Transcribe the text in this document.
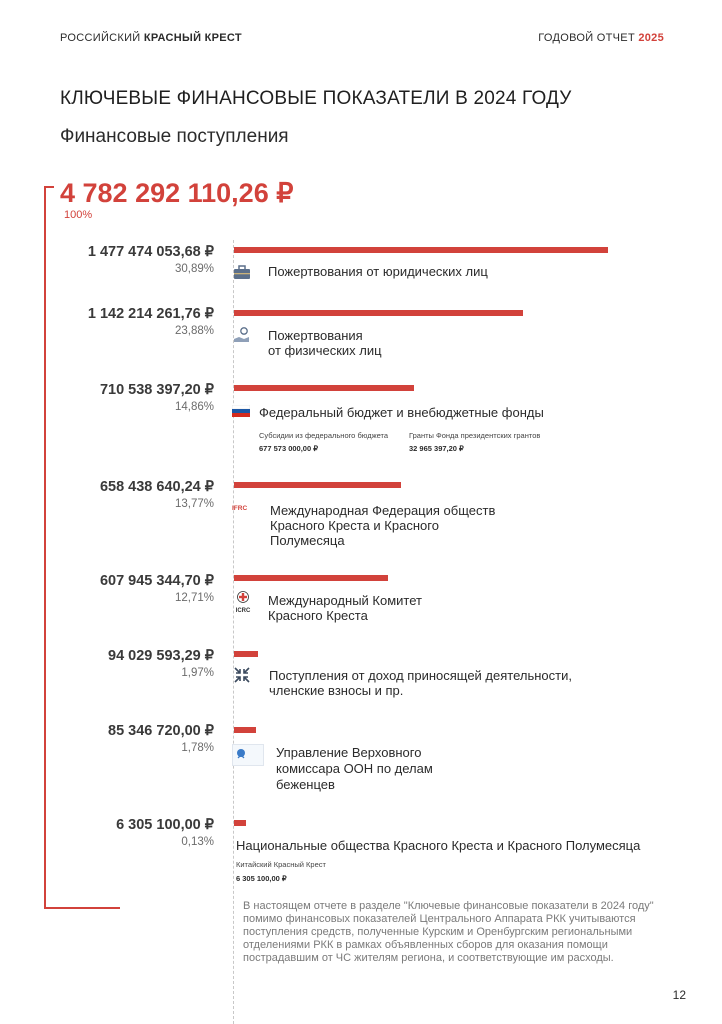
РОССИЙСКИЙ КРАСНЫЙ КРЕСТ	ГОДОВОЙ ОТЧЕТ 2025
КЛЮЧЕВЫЕ ФИНАНСОВЫЕ ПОКАЗАТЕЛИ В 2024 ГОДУ
Финансовые поступления
4 782 292 110,26 ₽
100%
1 477 474 053,68 ₽
30,89%	Пожертвования от юридических лиц
1 142 214 261,76 ₽
23,88%	Пожертвования
от физических лиц
710 538 397,20 ₽
14,86%	Федеральный бюджет и внебюджетные фонды
Субсидии из федерального бюджета
677 573 000,00 ₽
Гранты Фонда президентских грантов
32 965 397,20 ₽
658 438 640,24 ₽
13,77%	IFRC Международная Федерация обществ
Красного Креста и Красного
Полумесяца
607 945 344,70 ₽
12,71%
ICRC
Международный Комитет
Красного Креста
94 029 593,29 ₽
1,97%	Поступления от доход приносящей деятельности,
членские взносы и пр.
85 346 720,00 ₽
1,78%	Управление Верховного
комиссара ООН по делам
беженцев
6 305 100,00 ₽
0,13% Национальные общества Красного Креста и Красного Полумесяца
Китайский Красный Крест
6 305 100,00 ₽
В настоящем отчете в разделе "Ключевые финансовые показатели в 2024 году" помимо финансовых показателей Центрального Аппарата РКК учитываются поступления средств, полученные Курским и Оренбургским региональными отделениями РКК в рамках объявленных сборов для оказания помощи пострадавшим от ЧС жителям региона, и соответствующие им расходы.
12
